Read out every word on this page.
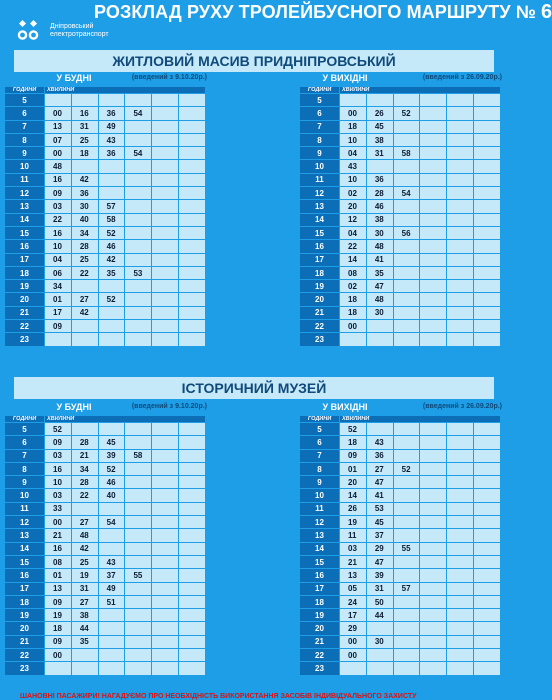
Дніпровський
електротранспорт
РОЗКЛАД РУХУ ТРОЛЕЙБУСНОГО МАРШРУТУ № 6
ЖИТЛОВИЙ МАСИВ ПРИДНІПРОВСЬКИЙ
У БУДНІ	(введений з 9.10.20р.)
ГОДИНИ	ХВИЛИНИ					
5						
6	00	16	36	54		
7	13	31	49			
8	07	25	43			
9	00	18	36	54		
10	48					
11	16	42				
12	09	36				
13	03	30	57			
14	22	40	58			
15	16	34	52			
16	10	28	46			
17	04	25	42			
18	06	22	35	53		
19	34					
20	01	27	52			
21	17	42				
22	09					
23						
У ВИХІДНІ	(введений з 26.09.20р.)
ГОДИНИ	ХВИЛИНИ					
5						
6	00	26	52			
7	18	45				
8	10	38				
9	04	31	58			
10	43					
11	10	36				
12	02	28	54			
13	20	46				
14	12	38				
15	04	30	56			
16	22	48				
17	14	41				
18	08	35				
19	02	47				
20	18	48				
21	18	30				
22	00					
23						
ІСТОРИЧНИЙ МУЗЕЙ
У БУДНІ	(введений з 9.10.20р.)
ГОДИНИ	ХВИЛИНИ					
5	52					
6	09	28	45			
7	03	21	39	58		
8	16	34	52			
9	10	28	46			
10	03	22	40			
11	33					
12	00	27	54			
13	21	48				
14	16	42				
15	08	25	43			
16	01	19	37	55		
17	13	31	49			
18	09	27	51			
19	19	38				
20	18	44				
21	09	35				
22	00					
23						
У ВИХІДНІ	(введений з 26.09.20р.)
ГОДИНИ	ХВИЛИНИ					
5	52					
6	18	43				
7	09	36				
8	01	27	52			
9	20	47				
10	14	41				
11	26	53				
12	19	45				
13	11	37				
14	03	29	55			
15	21	47				
16	13	39				
17	05	31	57			
18	24	50				
19	17	44				
20	29					
21	00	30				
22	00					
23						
ШАНОВНІ ПАСАЖИРИ! НАГАДУЄМО ПРО НЕОБХІДНІСТЬ ВИКОРИСТАННЯ ЗАСОБІВ ІНДИВІДУАЛЬНОГО ЗАХИСТУ
